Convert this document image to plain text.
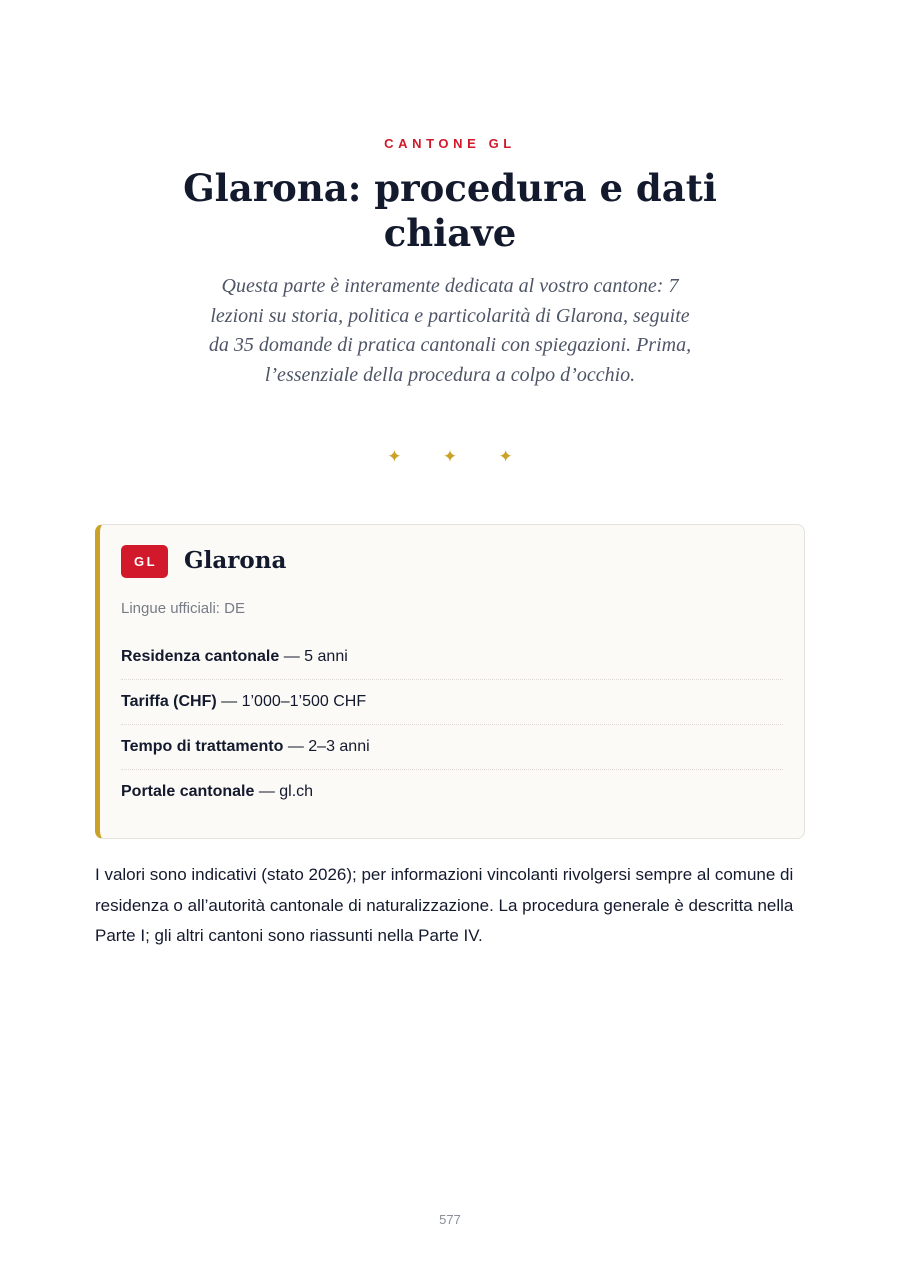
CANTONE GL
Glarona: procedura e dati chiave

Questa parte è interamente dedicata al vostro cantone: 7 lezioni su storia, politica e particolarità di Glarona, seguite da 35 domande di pratica cantonali con spiegazioni. Prima, l’essenziale della procedura a colpo d’occhio.

✦ ✦ ✦
GL	Glarona
Lingue ufficiali: DE
Residenza cantonale — 5 anni
Tariffa (CHF) — 1’000–1’500 CHF
Tempo di trattamento — 2–3 anni
Portale cantonale — gl.ch

I valori sono indicativi (stato 2026); per informazioni vincolanti rivolgersi sempre al comune di residenza o all’autorità cantonale di naturalizzazione. La procedura generale è descritta nella Parte I; gli altri cantoni sono riassunti nella Parte IV.

577
